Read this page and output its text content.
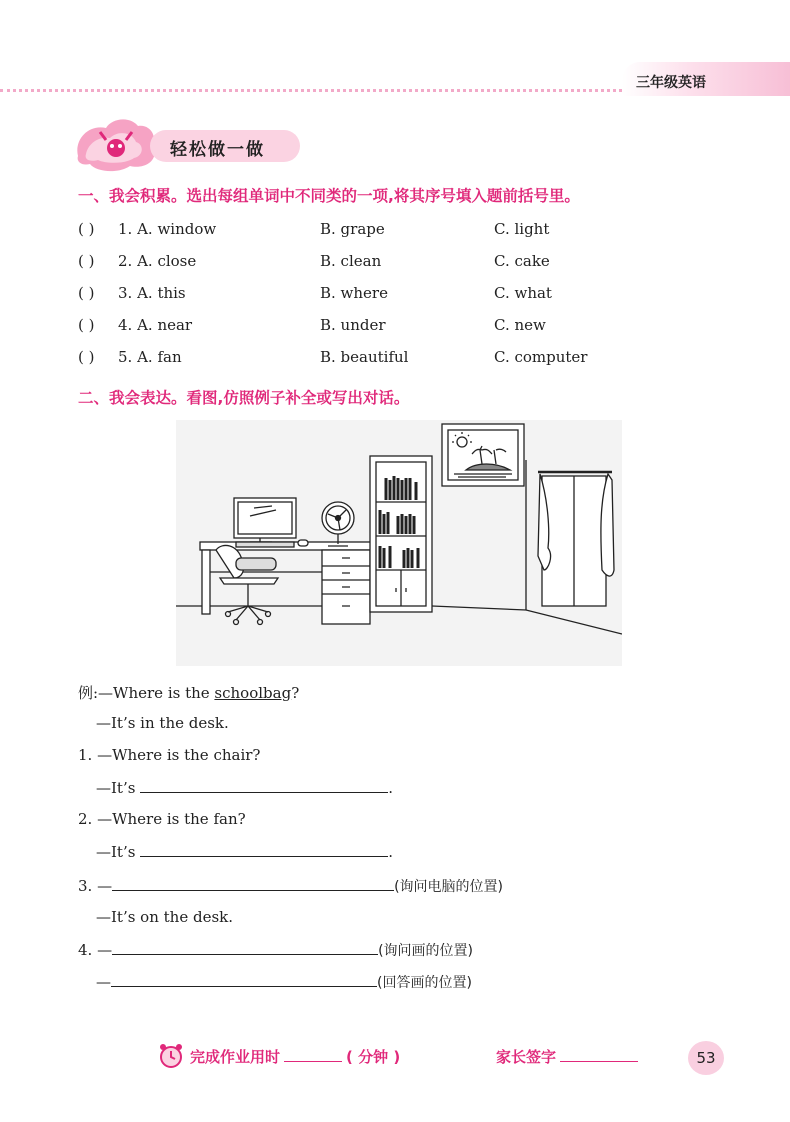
三年级英语
轻松做一做
一、我会积累。选出每组单词中不同类的一项,将其序号填入题前括号里。
( ) 1. A. window	B. grape	C. light
( ) 2. A. close	B. clean	C. cake
( ) 3. A. this	B. where	C. what
( ) 4. A. near	B. under	C. new
( ) 5. A. fan	B. beautiful	C. computer
二、我会表达。看图,仿照例子补全或写出对话。
例:—Where is the schoolbag?
—It’s in the desk.
1. —Where is the chair?
—It’s	.
2. —Where is the fan?
—It’s	.
3. —	(询问电脑的位置)
—It’s on the desk.
4. —	(询问画的位置)
—	(回答画的位置)
完成作业用时	( 分钟 )	家长签字	53
